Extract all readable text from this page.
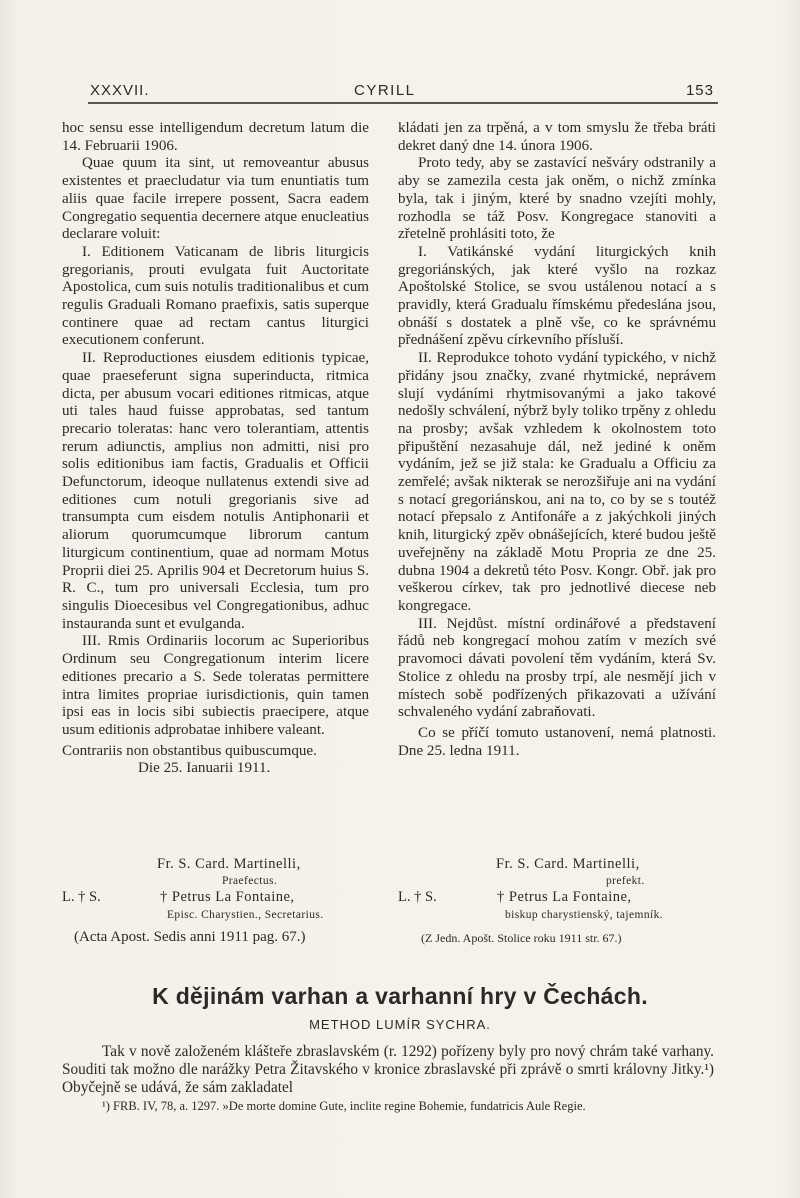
XXXVII.	CYRILL	153

hoc sensu esse intelligendum decretum latum die 14. Februarii 1906.

Quae quum ita sint, ut removeantur abusus existentes et praecludatur via tum enuntiatis tum aliis quae facile irrepere possent, Sacra eadem Congregatio sequentia decernere atque enucleatius declarare voluit:

I. Editionem Vaticanam de libris liturgicis gregorianis, prouti evulgata fuit Auctoritate Apostolica, cum suis notulis traditionalibus et cum regulis Graduali Romano praefixis, satis superque continere quae ad rectam cantus liturgici executionem conferunt.

II. Reproductiones eiusdem editionis typicae, quae praeseferunt signa superinducta, ritmica dicta, per abusum vocari editiones ritmicas, atque uti tales haud fuisse approbatas, sed tantum precario toleratas: hanc vero tolerantiam, attentis rerum adiunctis, amplius non admitti, nisi pro solis editionibus iam factis, Gradualis et Officii Defunctorum, ideoque nullatenus extendi sive ad editiones cum notuli gregorianis sive ad transumpta cum eisdem notulis Antiphonarii et aliorum quorumcumque librorum cantum liturgicum continentium, quae ad normam Motus Proprii diei 25. Aprilis 904 et Decretorum huius S. R. C., tum pro universali Ecclesia, tum pro singulis Dioecesibus vel Congregationibus, adhuc instauranda sunt et evulganda.

III. Rmis Ordinariis locorum ac Superioribus Ordinum seu Congregationum interim licere editiones precario a S. Sede toleratas permittere intra limites propriae iurisdictionis, quin tamen ipsi eas in locis sibi subiectis praecipere, atque usum editionis adprobatae inhibere valeant.

Contrariis non obstantibus quibuscumque.

Die 25. Ianuarii 1911.

kládati jen za trpěná, a v tom smyslu že třeba bráti dekret daný dne 14. února 1906.

Proto tedy, aby se zastavící nešváry odstranily a aby se zamezila cesta jak oněm, o nichž zmínka byla, tak i jiným, které by snadno vzejíti mohly, rozhodla se táž Posv. Kongregace stanoviti a zřetelně prohlásiti toto, že

I. Vatikánské vydání liturgických knih gregoriánských, jak které vyšlo na rozkaz Apoštolské Stolice, se svou ustálenou notací a s pravidly, která Gradualu římskému předeslána jsou, obnáší s dostatek a plně vše, co ke správnému přednášení zpěvu církevního přísluší.

II. Reprodukce tohoto vydání typického, v nichž přidány jsou značky, zvané rhytmické, neprávem slují vydáními rhytmisovanými a jako takové nedošly schválení, nýbrž byly toliko trpěny z ohledu na prosby; avšak vzhledem k okolnostem toto připuštění nezasahuje dál, než jediné k oněm vydáním, jež se již stala: ke Gradualu a Officiu za zemřelé; avšak nikterak se nerozšiřuje ani na vydání s notací gregoriánskou, ani na to, co by se s toutéž notací přepsalo z Antifonáře a z jakýchkoli jiných knih, liturgický zpěv obnášejících, které budou ještě uveřejněny na základě Motu Propria ze dne 25. dubna 1904 a dekretů této Posv. Kongr. Obř. jak pro veškerou církev, tak pro jednotlivé diecese neb kongregace.

III. Nejdůst. místní ordinářové a představení řádů neb kongregací mohou zatím v mezích své pravomoci dávati povolení těm vydáním, která Sv. Stolice z ohledu na prosby trpí, ale nesmějí jich v místech sobě podřízených přikazovati a užívání schvaleného vydání zabraňovati.

Co se příčí tomuto ustanovení, nemá platnosti. Dne 25. ledna 1911.

Fr. S. Card. Martinelli,
Praefectus.
L. † S.	† Petrus La Fontaine,
Episc. Charystien., Secretarius.
(Acta Apost. Sedis anni 1911 pag. 67.)
Fr. S. Card. Martinelli,
prefekt.
L. † S.	† Petrus La Fontaine,
biskup charystienský, tajemník.
(Z Jedn. Apošt. Stolice roku 1911 str. 67.)
K dějinám varhan a varhanní hry v Čechách.
METHOD LUMÍR SYCHRA.

Tak v nově založeném klášteře zbraslavském (r. 1292) pořízeny byly pro nový chrám také varhany. Souditi tak možno dle narážky Petra Žitavského v kronice zbraslavské při zprávě o smrti královny Jitky.¹) Obyčejně se udává, že sám zakladatel

¹) FRB. IV, 78, a. 1297. »De morte domine Gute, inclite regine Bohemie, fundatricis Aule Regie.
